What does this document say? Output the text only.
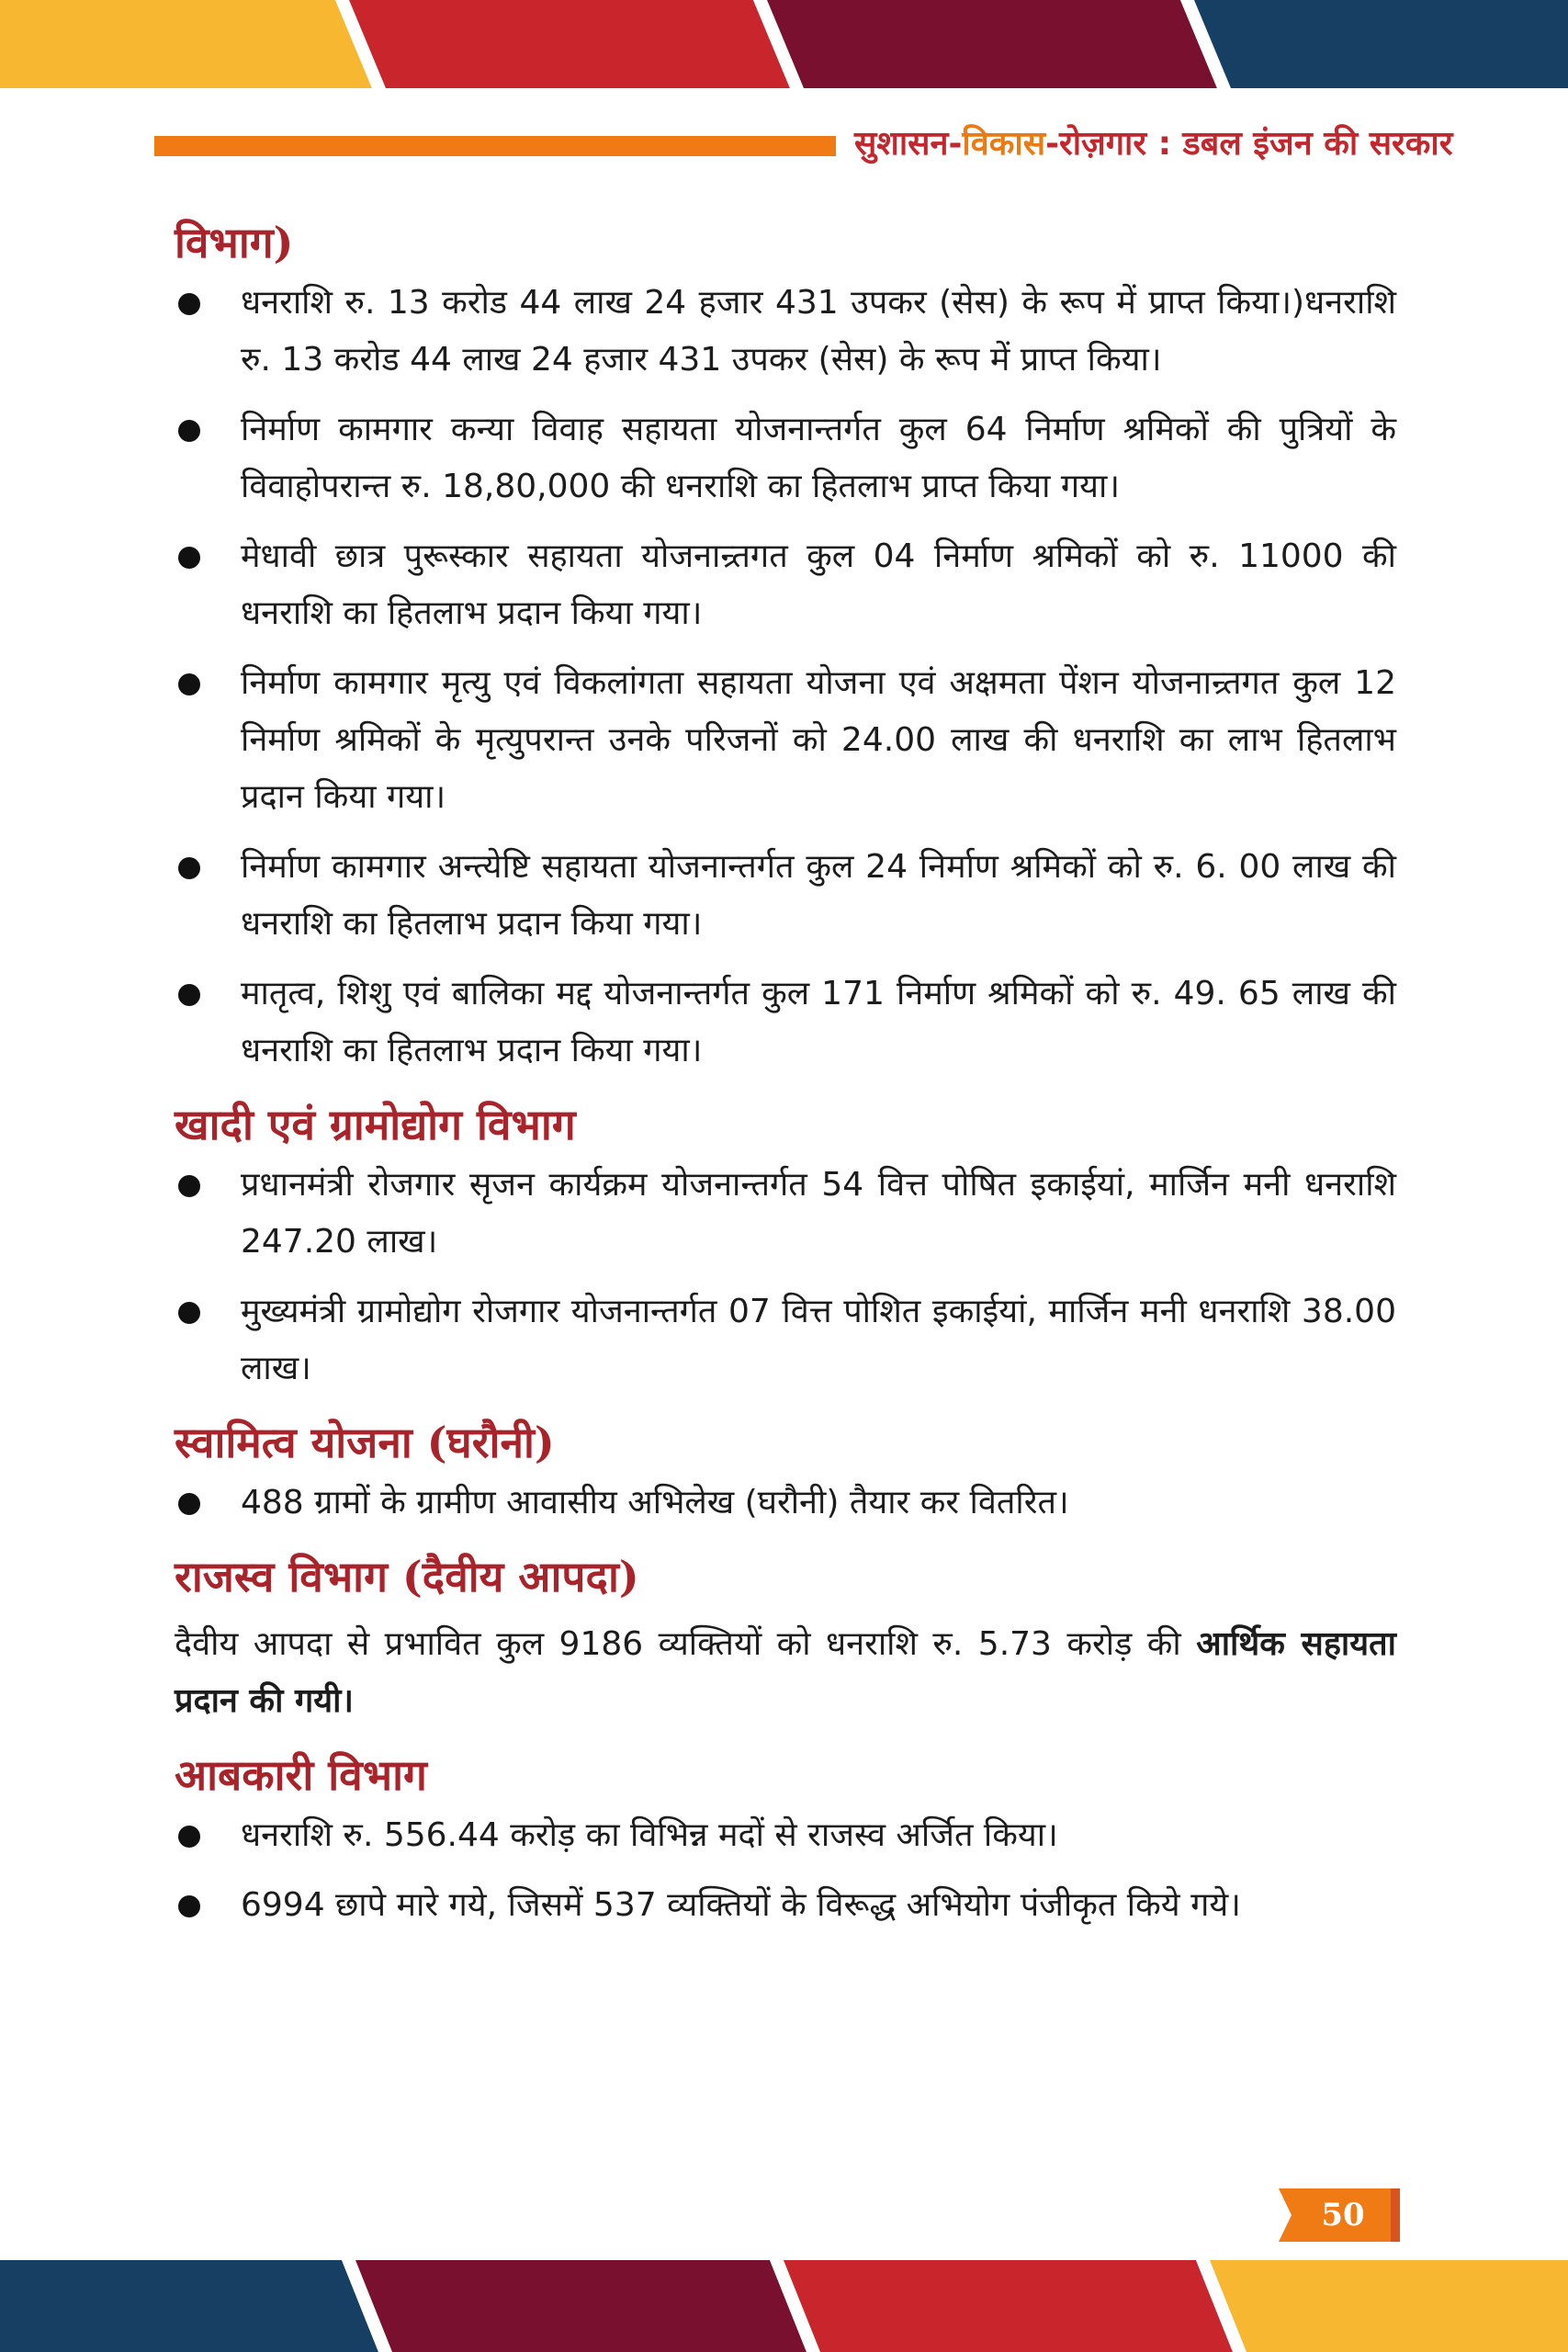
सुशासन-विकास-रोज़गार : डबल इंजन की सरकार
विभाग)
धनराशि रु. 13 करोड 44 लाख 24 हजार 431 उपकर (सेस) के रूप में प्राप्त किया।)धनराशि रु. 13 करोड 44 लाख 24 हजार 431 उपकर (सेस) के रूप में प्राप्त किया।
निर्माण कामगार कन्या विवाह सहायता योजनान्तर्गत कुल 64 निर्माण श्रमिकों की पुत्रियों के विवाहोपरान्त रु. 18,80,000 की धनराशि का हितलाभ प्राप्त किया गया।
मेधावी छात्र पुरूस्कार सहायता योजनान्र्तगत कुल 04 निर्माण श्रमिकों को रु. 11000 की धनराशि का हितलाभ प्रदान किया गया।
निर्माण कामगार मृत्यु एवं विकलांगता सहायता योजना एवं अक्षमता पेंशन योजनान्र्तगत कुल 12 निर्माण श्रमिकों के मृत्युपरान्त उनके परिजनों को 24.00 लाख की धनराशि का लाभ हितलाभ प्रदान किया गया।
निर्माण कामगार अन्त्येष्टि सहायता योजनान्तर्गत कुल 24 निर्माण श्रमिकों को रु. 6. 00 लाख की धनराशि का हितलाभ प्रदान किया गया।
मातृत्व, शिशु एवं बालिका मद्द योजनान्तर्गत कुल 171 निर्माण श्रमिकों को रु. 49. 65 लाख की धनराशि का हितलाभ प्रदान किया गया।
खादी एवं ग्रामोद्योग विभाग
प्रधानमंत्री रोजगार सृजन कार्यक्रम योजनान्तर्गत 54 वित्त पोषित इकाईयां, मार्जिन मनी धनराशि 247.20 लाख।
मुख्यमंत्री ग्रामोद्योग रोजगार योजनान्तर्गत 07 वित्त पोशित इकाईयां, मार्जिन मनी धनराशि 38.00 लाख।
स्वामित्व योजना (घरौनी)
488 ग्रामों के ग्रामीण आवासीय अभिलेख (घरौनी) तैयार कर वितरित।
राजस्व विभाग (दैवीय आपदा)

दैवीय आपदा से प्रभावित कुल 9186 व्यक्तियों को धनराशि रु. 5.73 करोड़ की आर्थिक सहायता प्रदान की गयी।

आबकारी विभाग
धनराशि रु. 556.44 करोड़ का विभिन्न मदों से राजस्व अर्जित किया।
6994 छापे मारे गये, जिसमें 537 व्यक्तियों के विरूद्ध अभियोग पंजीकृत किये गये।
50
